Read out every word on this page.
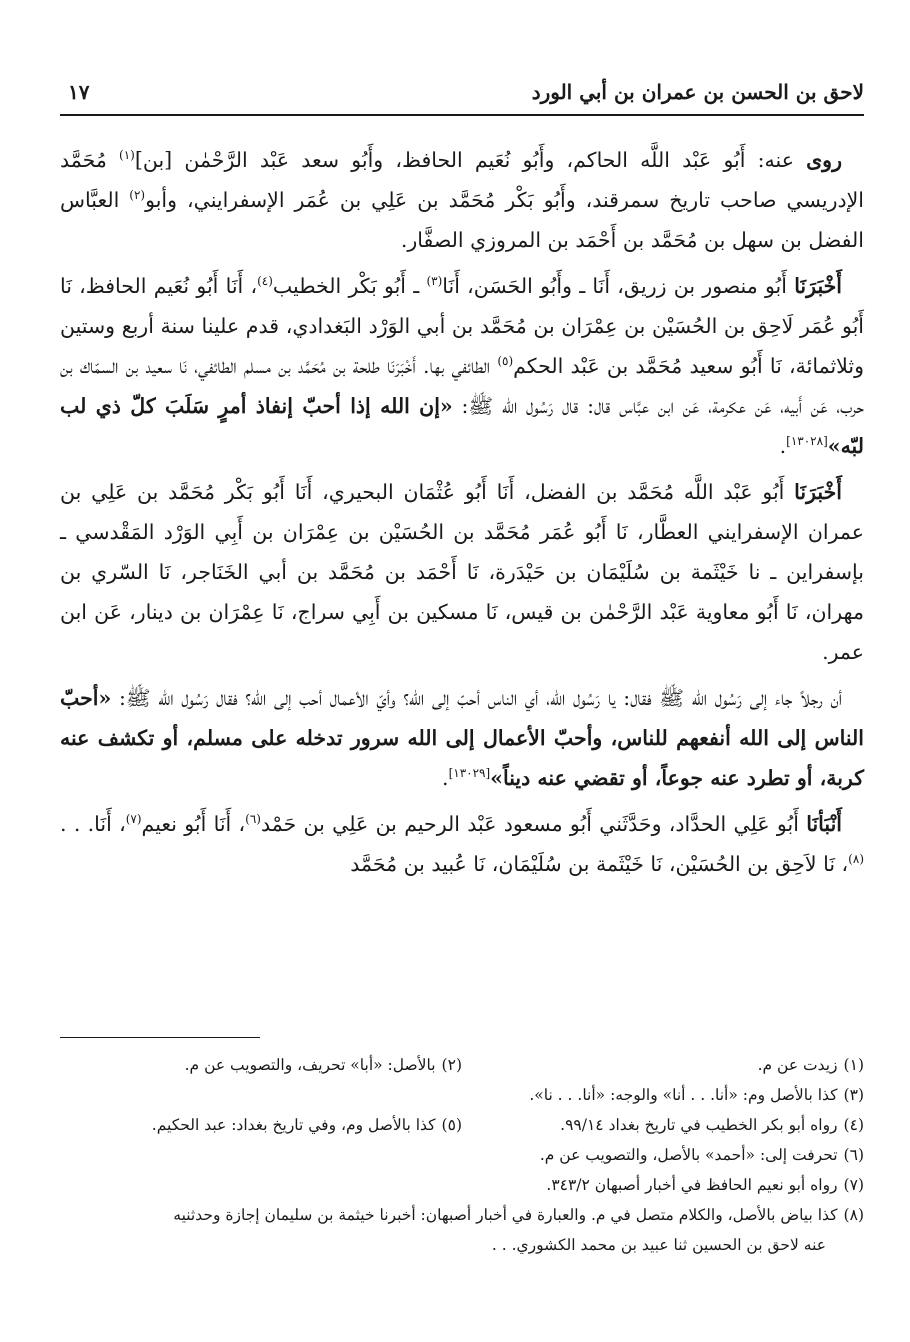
لاحق بن الحسن بن عمران بن أبي الورد
١٧

روى عنه: أَبُو عَبْد اللَّه الحاكم، وأَبُو نُعَيم الحافظ، وأَبُو سعد عَبْد الرَّحْمٰن [بن]$^{(١)}$ مُحَمَّد الإدريسي صاحب تاريخ سمرقند، وأَبُو بَكْر مُحَمَّد بن عَلِي بن عُمَر الإسفرايني، وأبو$^{(٢)}$ العبَّاس الفضل بن سهل بن مُحَمَّد بن أَحْمَد بن المروزي الصفَّار.

أَخْبَرَنَا أَبُو منصور بن زريق، أَنَا ـ وأَبُو الحَسَن، أَنَا$^{(٣)}$ ـ أَبُو بَكْر الخطيب$^{(٤)}$، أَنَا أَبُو نُعَيم الحافظ، نَا أَبُو عُمَر لَاحِق بن الحُسَيْن بن عِمْرَان بن مُحَمَّد بن أبي الوَرْد البَغدادي، قدم علينا سنة أربع وستين وثلاثمائة، نَا أَبُو سعيد مُحَمَّد بن عَبْد الحكم$^{(٥)}$ الطائفي بها. أَخْبَرَنَا طلحة بن مُحَمَّد بن مسلم الطائفي، نَا سعيد بن السمّاك بن حرب، عَن أَبيه، عَن عكرمة، عَن ابن عبَّاس قال: قال رَسُول الله ﷺ: «إن الله إذا أحبّ إنفاذ أمرٍ سَلَبَ كلّ ذي لب لبّه»[١٣٠٢٨].

أَخْبَرَنَا أَبُو عَبْد اللَّه مُحَمَّد بن الفضل، أَنَا أَبُو عُثْمَان البحيري، أَنَا أَبُو بَكْر مُحَمَّد بن عَلِي بن عمران الإسفرايني العطَّار، نَا أَبُو عُمَر مُحَمَّد بن الحُسَيْن بن عِمْرَان بن أَبِي الوَرْد المَقْدسي ـ بإسفراين ـ نا خَيْثَمة بن سُلَيْمَان بن حَيْدَرة، نَا أَحْمَد بن مُحَمَّد بن أبي الخَنَاجر، نَا السّري بن مهران، نَا أَبُو معاوية عَبْد الرَّحْمٰن بن قيس، نَا مسكين بن أَبِي سراج، نَا عِمْرَان بن دينار، عَن ابن عمر.

أن رجلاً جاء إلى رَسُول الله ﷺ فقال: يا رَسُول الله، أي الناس أحبّ إلى الله؟ وأيّ الأعمال أحب إلى الله؟ فقال رَسُول الله ﷺ: «أحبّ الناس إلى الله أنفعهم للناس، وأحبّ الأعمال إلى الله سرور تدخله على مسلم، أو تكشف عنه كربة، أو تطرد عنه جوعاً، أو تقضي عنه ديناً»[١٣٠٢٩].

أَنْبَأنَا أَبُو عَلِي الحدَّاد، وحَدَّثَني أَبُو مسعود عَبْد الرحيم بن عَلِي بن حَمْد$^{(٦)}$، أَنَا أَبُو نعيم$^{(٧)}$، أَنَا. . .$^{(٨)}$، نَا لاَحِق بن الحُسَيْن، نَا خَيْثَمة بن سُلَيْمَان، نَا عُبيد بن مُحَمَّد

(١)زيدت عن م.
(٢)بالأصل: «أبا» تحريف، والتصويب عن م.
(٣)كذا بالأصل وم: «أنا. . . أنا» والوجه: «أنا. . . نا».
(٤)رواه أبو بكر الخطيب في تاريخ بغداد ٩٩/١٤.
(٥)كذا بالأصل وم، وفي تاريخ بغداد: عبد الحكيم.
(٦)تحرفت إلى: «أحمد» بالأصل، والتصويب عن م.
(٧)رواه أبو نعيم الحافظ في أخبار أصبهان ٣٤٣/٢.
(٨)كذا بياض بالأصل، والكلام متصل في م. والعبارة في أخبار أصبهان: أخبرنا خيثمة بن سليمان إجازة وحدثنيه
عنه لاحق بن الحسين ثنا عبيد بن محمد الكشوري. . .
